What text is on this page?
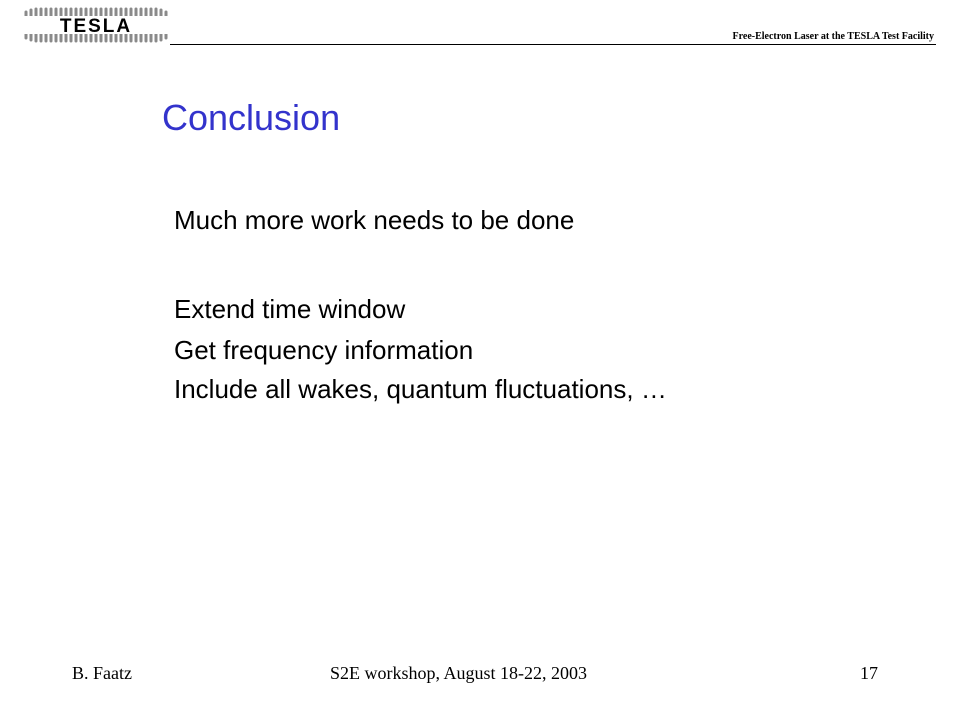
TESLA	Free-Electron Laser at the TESLA Test Facility
Conclusion
Much more work needs to be done
Extend time window
Get frequency information
Include all wakes, quantum fluctuations, …
B. Faatz	S2E workshop, August 18-22, 2003	17
